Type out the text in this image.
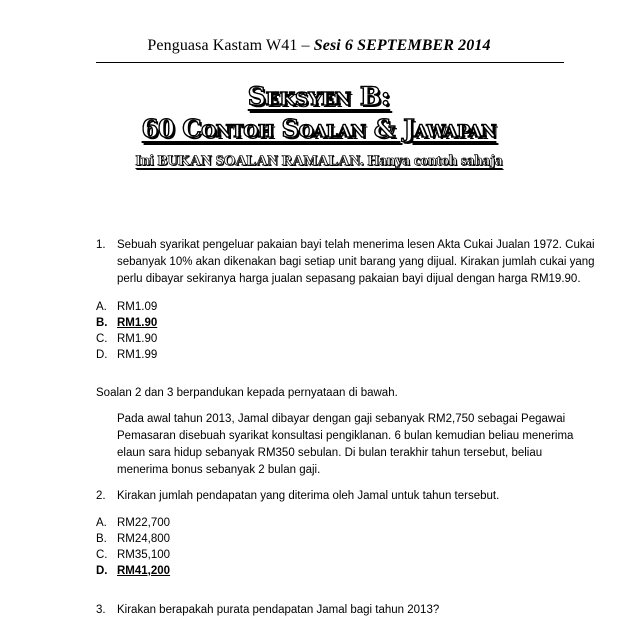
Penguasa Kastam W41 – Sesi 6 SEPTEMBER 2014
Seksyen B:
60 Contoh Soalan & Jawapan
Ini BUKAN SOALAN RAMALAN. Hanya contoh sahaja
1. Sebuah syarikat pengeluar pakaian bayi telah menerima lesen Akta Cukai Jualan 1972. Cukai
sebanyak 10% akan dikenakan bagi setiap unit barang yang dijual. Kirakan jumlah cukai yang
perlu dibayar sekiranya harga jualan sepasang pakaian bayi dijual dengan harga RM19.90.
A. RM1.09
B. RM1.90
C. RM1.90
D. RM1.99
Soalan 2 dan 3 berpandukan kepada pernyataan di bawah.
Pada awal tahun 2013, Jamal dibayar dengan gaji sebanyak RM2,750 sebagai Pegawai
Pemasaran disebuah syarikat konsultasi pengiklanan. 6 bulan kemudian beliau menerima
elaun sara hidup sebanyak RM350 sebulan. Di bulan terakhir tahun tersebut, beliau
menerima bonus sebanyak 2 bulan gaji.
2. Kirakan jumlah pendapatan yang diterima oleh Jamal untuk tahun tersebut.
A. RM22,700
B. RM24,800
C. RM35,100
D. RM41,200
3. Kirakan berapakah purata pendapatan Jamal bagi tahun 2013?
